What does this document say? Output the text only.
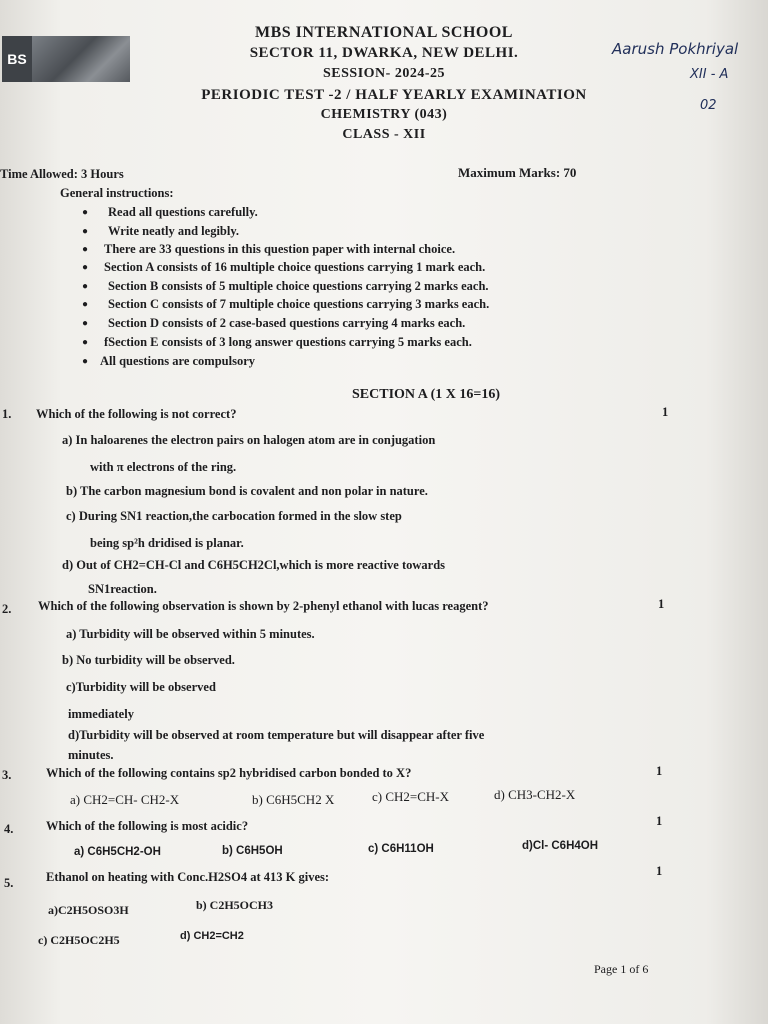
BS
MBS INTERNATIONAL SCHOOL
SECTOR 11, DWARKA, NEW DELHI.
SESSION- 2024-25
PERIODIC TEST -2 / HALF YEARLY EXAMINATION
CHEMISTRY (043)
CLASS - XII
Aarush Pokhriyal
XII - A
02
Time Allowed: 3 Hours	Maximum Marks: 70
General instructions:
● Read all questions carefully.
● Write neatly and legibly.
● There are 33 questions in this question paper with internal choice.
● Section A consists of 16 multiple choice questions carrying 1 mark each.
● Section B consists of 5 multiple choice questions carrying 2 marks each.
● Section C consists of 7 multiple choice questions carrying 3 marks each.
● Section D consists of 2 case-based questions carrying 4 marks each.
● fSection E consists of 3 long answer questions carrying 5 marks each.
● All questions are compulsory
SECTION A (1 X 16=16)
1. Which of the following is not correct?	1
a) In haloarenes the electron pairs on halogen atom are in conjugation
with π electrons of the ring.
b) The carbon magnesium bond is covalent and non polar in nature.
c) During SN1 reaction,the carbocation formed in the slow step
being sp²h dridised is planar.
d) Out of CH2=CH-Cl and C6H5CH2Cl,which is more reactive towards
SN1reaction.
2. Which of the following observation is shown by 2-phenyl ethanol with lucas reagent?	1
a) Turbidity will be observed within 5 minutes.
b) No turbidity will be observed.
c)Turbidity will be observed
immediately
d)Turbidity will be observed at room temperature but will disappear after five
minutes.
3.	Which of the following contains sp2 hybridised carbon bonded to X?	1
a) CH2=CH- CH2-X	b) C6H5CH2 X	c) CH2=CH-X	d) CH3-CH2-X
4.	Which of the following is most acidic?	1
a) C6H5CH2-OH	b) C6H5OH	c) C6H11OH	d)Cl- C6H4OH
5.	Ethanol on heating with Conc.H2SO4 at 413 K gives:	1
a)C2H5OSO3H	b) C2H5OCH3
c) C2H5OC2H5	d) CH2=CH2
Page 1 of 6
